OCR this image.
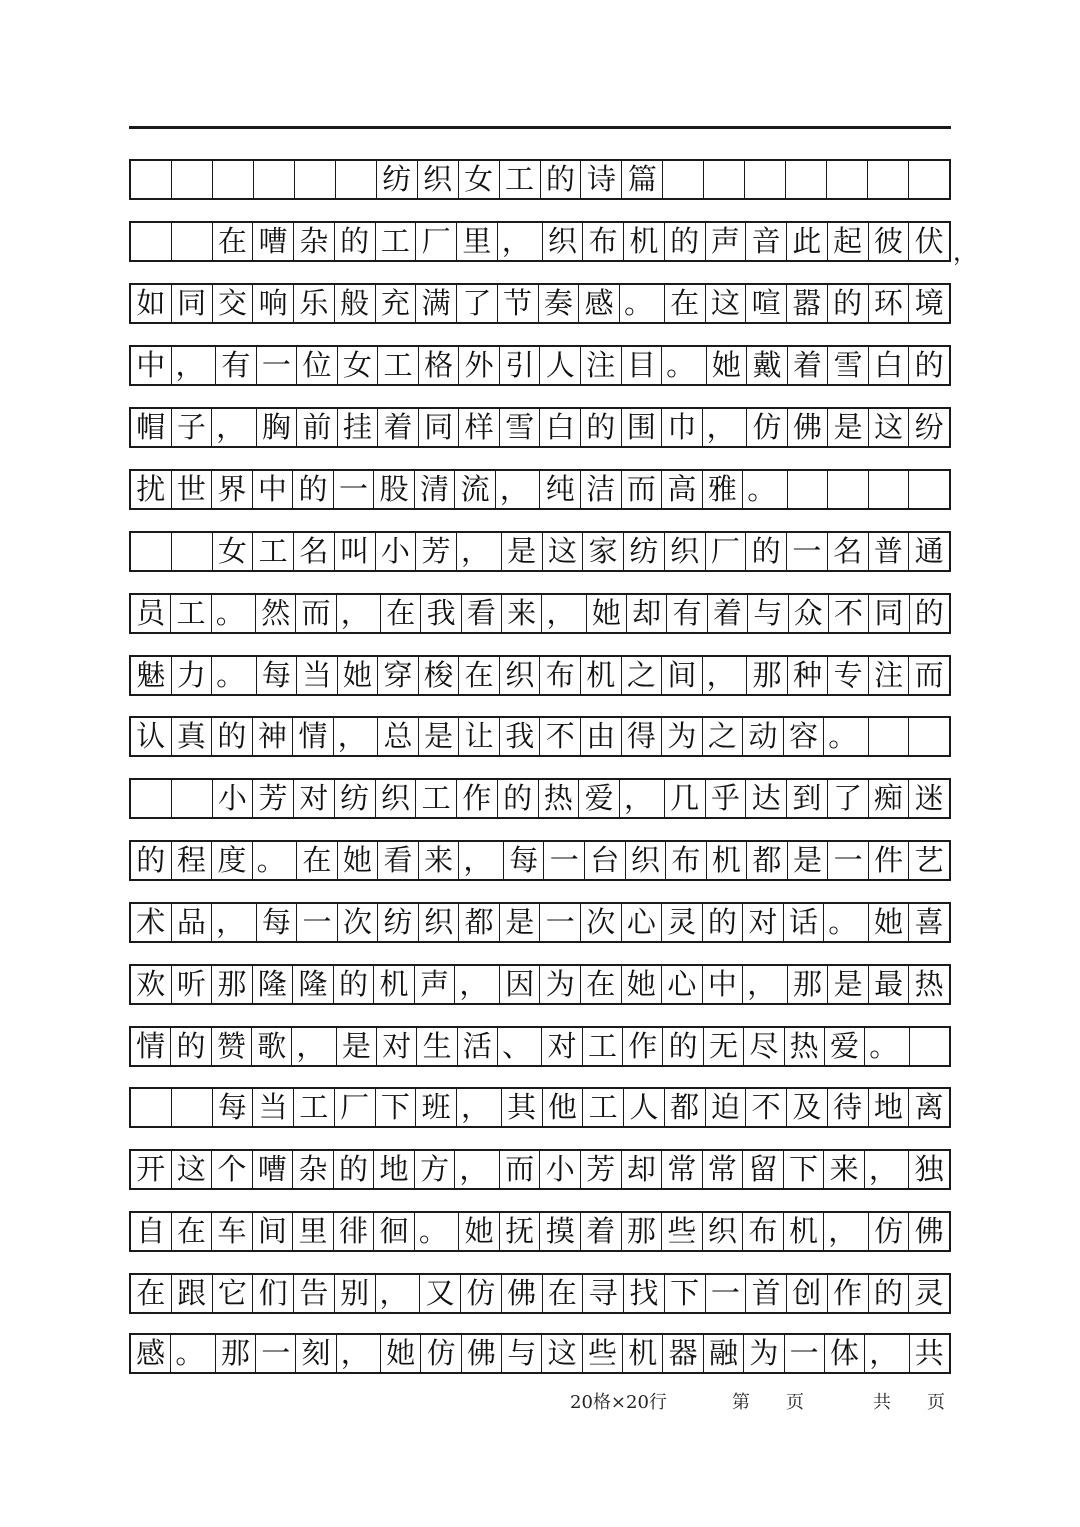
纺 织 女 工 的 诗 篇
在 嘈 杂 的 工 厂 里 ， 织 布 机 的 声 音 此 起 彼 伏
如 同 交 响 乐 般 充 满 了 节 奏 感 。 在 这 喧 嚣 的 环 境
中 ， 有 一 位 女 工 格 外 引 人 注 目 。 她 戴 着 雪 白 的
帽 子 ， 胸 前 挂 着 同 样 雪 白 的 围 巾 ， 仿 佛 是 这 纷
扰 世 界 中 的 一 股 清 流 ， 纯 洁 而 高 雅 。
女 工 名 叫 小 芳 ， 是 这 家 纺 织 厂 的 一 名 普 通
员 工 。 然 而 ， 在 我 看 来 ， 她 却 有 着 与 众 不 同 的
魅 力 。 每 当 她 穿 梭 在 织 布 机 之 间 ， 那 种 专 注 而
认 真 的 神 情 ， 总 是 让 我 不 由 得 为 之 动 容 。
小 芳 对 纺 织 工 作 的 热 爱 ， 几 乎 达 到 了 痴 迷
的 程 度 。 在 她 看 来 ， 每 一 台 织 布 机 都 是 一 件 艺
术 品 ， 每 一 次 纺 织 都 是 一 次 心 灵 的 对 话 。 她 喜
欢 听 那 隆 隆 的 机 声 ， 因 为 在 她 心 中 ， 那 是 最 热
情 的 赞 歌 ， 是 对 生 活 、 对 工 作 的 无 尽 热 爱 。
每 当 工 厂 下 班 ， 其 他 工 人 都 迫 不 及 待 地 离
开 这 个 嘈 杂 的 地 方 ， 而 小 芳 却 常 常 留 下 来 ， 独
自 在 车 间 里 徘 徊 。 她 抚 摸 着 那 些 织 布 机 ， 仿 佛
在 跟 它 们 告 别 ， 又 仿 佛 在 寻 找 下 一 首 创 作 的 灵
感 。 那 一 刻 ， 她 仿 佛 与 这 些 机 器 融 为 一 体 ， 共
，
20格×20行	第　　页	共　　页
